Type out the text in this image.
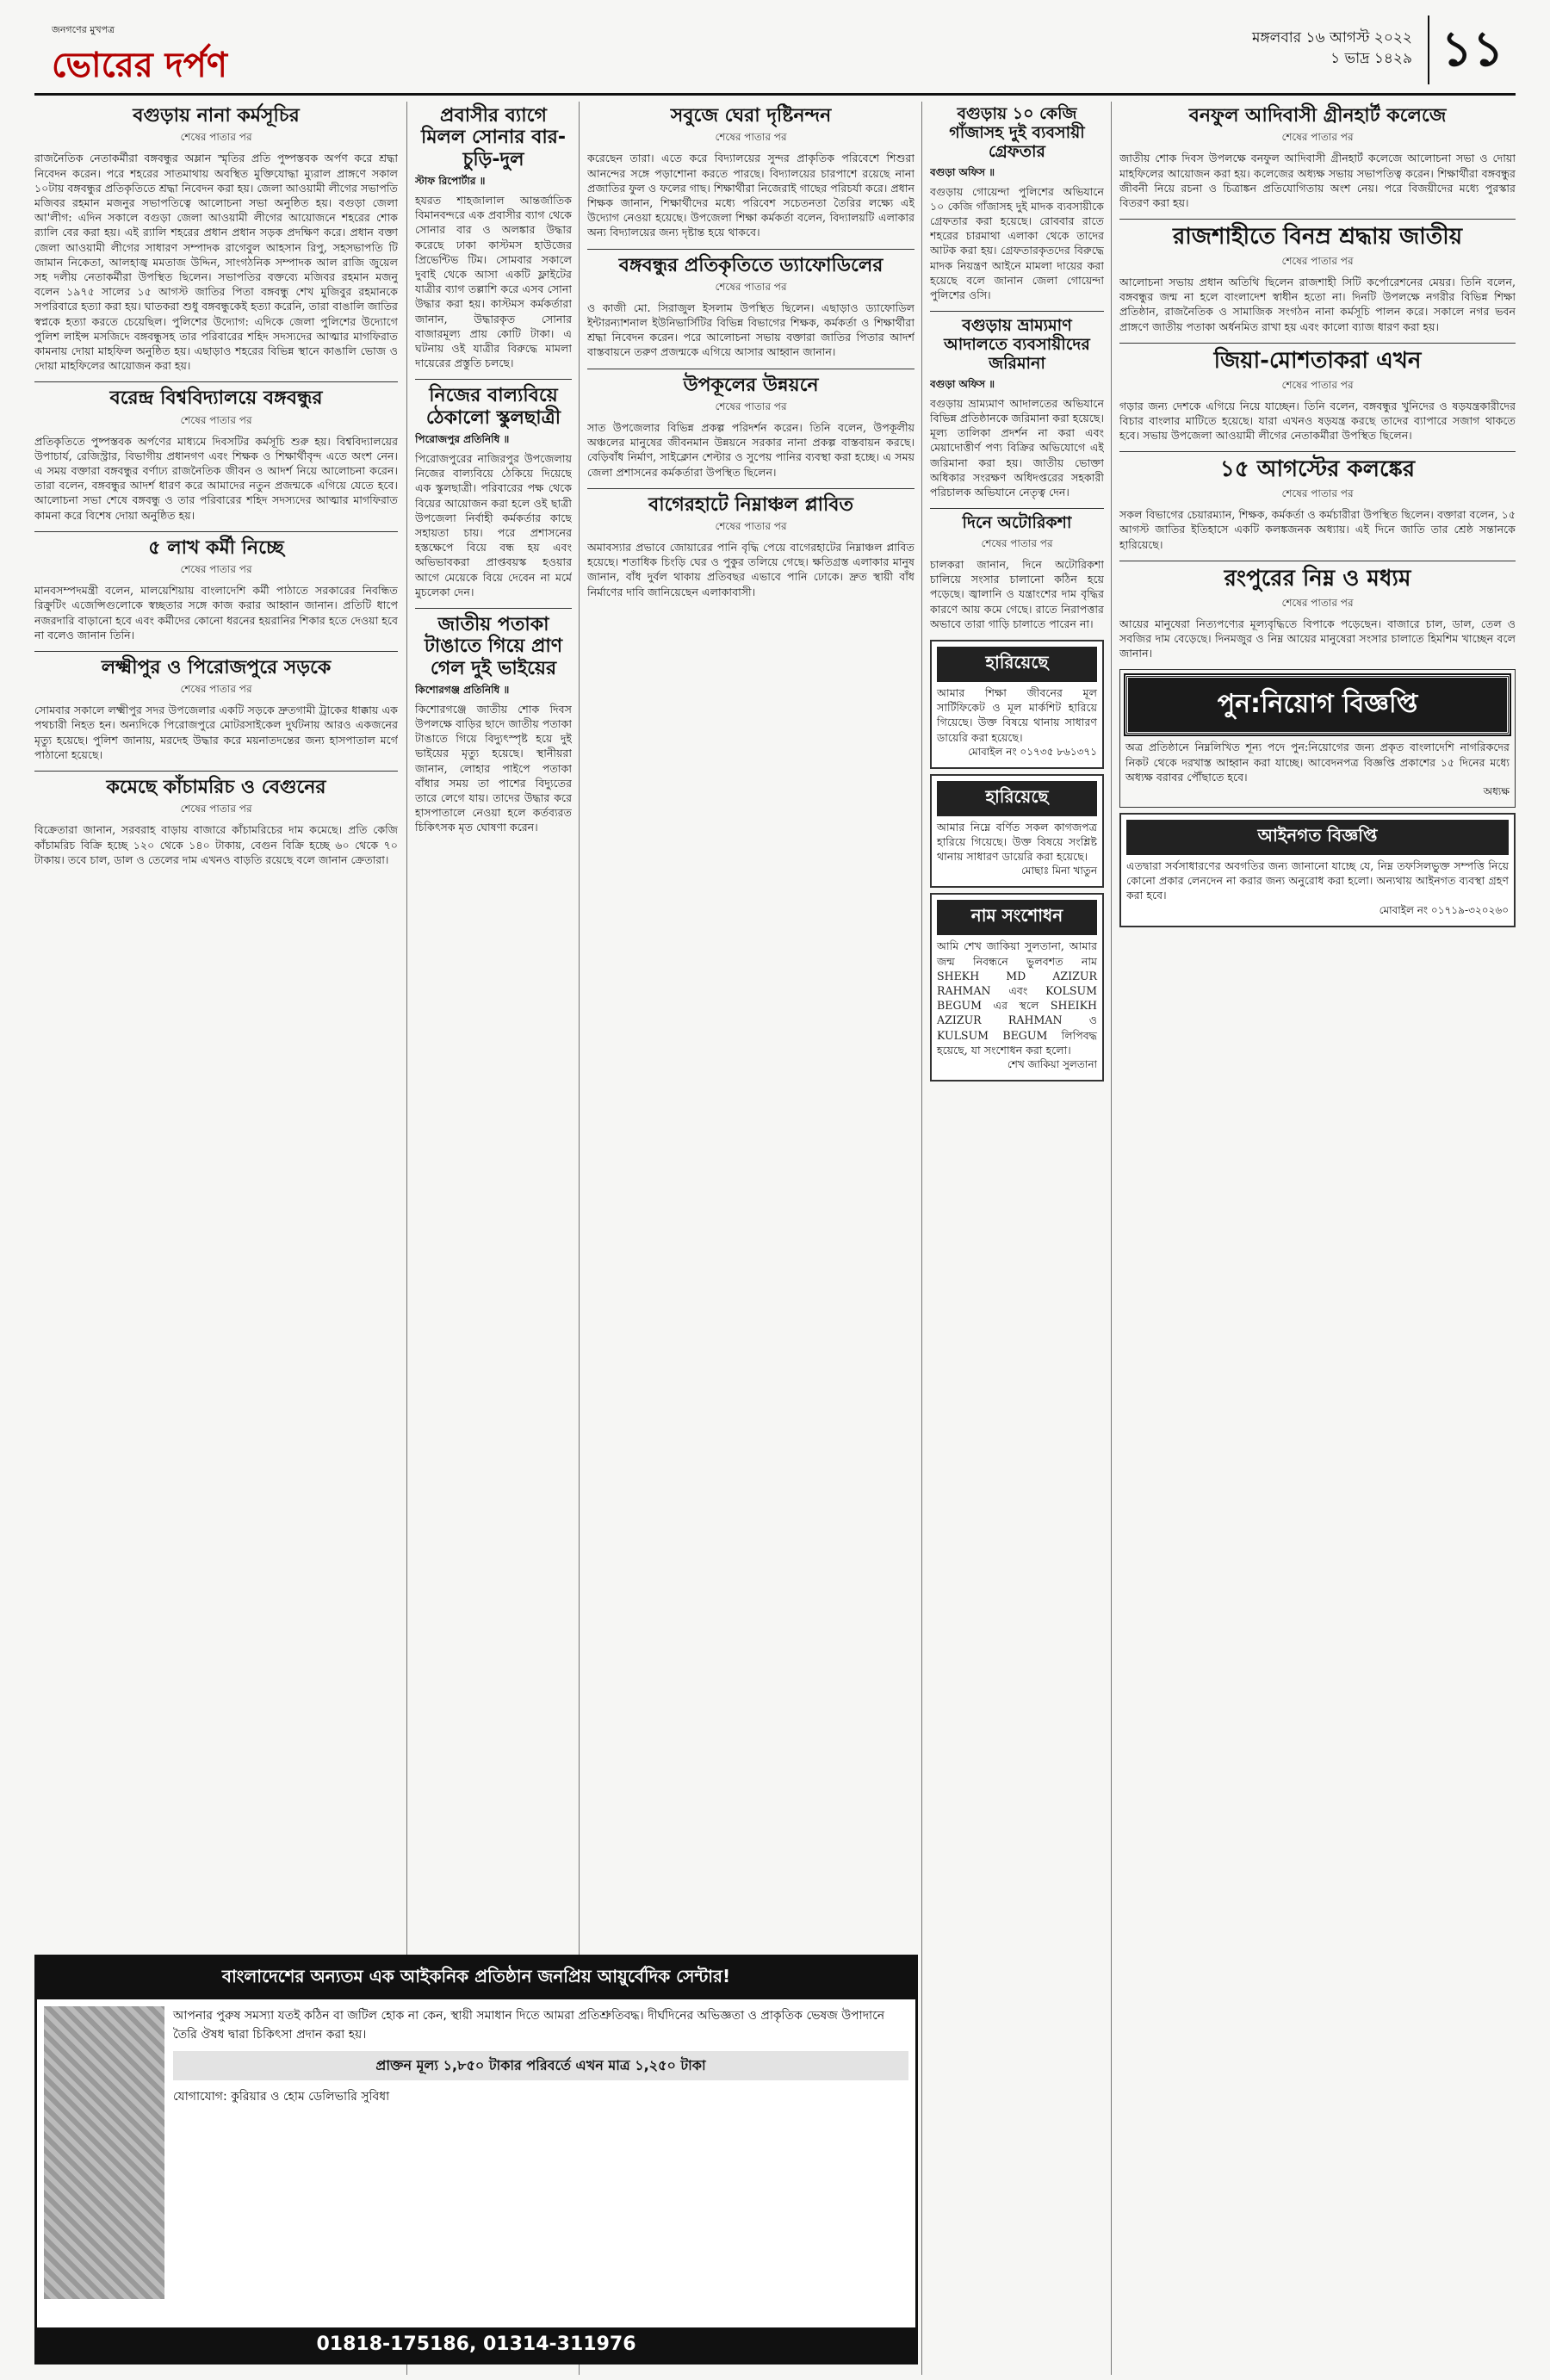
জনগণের মুখপত্র
ভোরের দর্পণ
মঙ্গলবার ১৬ আগস্ট ২০২২
১ ভাদ্র ১৪২৯ ১১
বগুড়ায় নানা কর্মসূচির
শেষের পাতার পর
রাজনৈতিক নেতাকর্মীরা বঙ্গবন্ধুর অম্লান স্মৃতির প্রতি পুষ্পস্তবক অর্পণ করে শ্রদ্ধা নিবেদন করেন। পরে শহরের সাতমাথায় অবস্থিত মুক্তিযোদ্ধা ম্যুরাল প্রাঙ্গণে সকাল ১০টায় বঙ্গবন্ধুর প্রতিকৃতিতে শ্রদ্ধা নিবেদন করা হয়। জেলা আওয়ামী লীগের সভাপতি মজিবর রহমান মজনুর সভাপতিত্বে আলোচনা সভা অনুষ্ঠিত হয়। বগুড়া জেলা আ'লীগ: এদিন সকালে বগুড়া জেলা আওয়ামী লীগের আয়োজনে শহরের শোক র‌্যালি বের করা হয়। এই র‌্যালি শহরের প্রধান প্রধান সড়ক প্রদক্ষিণ করে। প্রধান বক্তা জেলা আওয়ামী লীগের সাধারণ সম্পাদক রাগেবুল আহসান রিপু, সহসভাপতি টি জামান নিকেতা, আলহাজ্ব মমতাজ উদ্দিন, সাংগঠনিক সম্পাদক আল রাজি জুয়েল সহ দলীয় নেতাকর্মীরা উপস্থিত ছিলেন। সভাপতির বক্তব্যে মজিবর রহমান মজনু বলেন ১৯৭৫ সালের ১৫ আগস্ট জাতির পিতা বঙ্গবন্ধু শেখ মুজিবুর রহমানকে সপরিবারে হত্যা করা হয়। ঘাতকরা শুধু বঙ্গবন্ধুকেই হত্যা করেনি, তারা বাঙালি জাতির স্বপ্নকে হত্যা করতে চেয়েছিল। পুলিশের উদ্যোগ: এদিকে জেলা পুলিশের উদ্যোগে পুলিশ লাইন্স মসজিদে বঙ্গবন্ধুসহ তার পরিবারের শহিদ সদস্যদের আত্মার মাগফিরাত কামনায় দোয়া মাহফিল অনুষ্ঠিত হয়। এছাড়াও শহরের বিভিন্ন স্থানে কাঙালি ভোজ ও দোয়া মাহফিলের আয়োজন করা হয়।
বরেন্দ্র বিশ্ববিদ্যালয়ে বঙ্গবন্ধুর
শেষের পাতার পর
প্রতিকৃতিতে পুষ্পস্তবক অর্পণের মাধ্যমে দিবসটির কর্মসূচি শুরু হয়। বিশ্ববিদ্যালয়ের উপাচার্য, রেজিস্ট্রার, বিভাগীয় প্রধানগণ এবং শিক্ষক ও শিক্ষার্থীবৃন্দ এতে অংশ নেন। এ সময় বক্তারা বঙ্গবন্ধুর বর্ণাঢ্য রাজনৈতিক জীবন ও আদর্শ নিয়ে আলোচনা করেন। তারা বলেন, বঙ্গবন্ধুর আদর্শ ধারণ করে আমাদের নতুন প্রজন্মকে এগিয়ে যেতে হবে। আলোচনা সভা শেষে বঙ্গবন্ধু ও তার পরিবারের শহিদ সদস্যদের আত্মার মাগফিরাত কামনা করে বিশেষ দোয়া অনুষ্ঠিত হয়।
৫ লাখ কর্মী নিচ্ছে
শেষের পাতার পর
মানবসম্পদমন্ত্রী বলেন, মালয়েশিয়ায় বাংলাদেশি কর্মী পাঠাতে সরকারের নিবন্ধিত রিক্রুটিং এজেন্সিগুলোকে স্বচ্ছতার সঙ্গে কাজ করার আহ্বান জানান। প্রতিটি ধাপে নজরদারি বাড়ানো হবে এবং কর্মীদের কোনো ধরনের হয়রানির শিকার হতে দেওয়া হবে না বলেও জানান তিনি।
লক্ষ্মীপুর ও পিরোজপুরে সড়কে
শেষের পাতার পর
সোমবার সকালে লক্ষ্মীপুর সদর উপজেলার একটি সড়কে দ্রুতগামী ট্রাকের ধাক্কায় এক পথচারী নিহত হন। অন্যদিকে পিরোজপুরে মোটরসাইকেল দুর্ঘটনায় আরও একজনের মৃত্যু হয়েছে। পুলিশ জানায়, মরদেহ উদ্ধার করে ময়নাতদন্তের জন্য হাসপাতাল মর্গে পাঠানো হয়েছে।
কমেছে কাঁচামরিচ ও বেগুনের
শেষের পাতার পর
বিক্রেতারা জানান, সরবরাহ বাড়ায় বাজারে কাঁচামরিচের দাম কমেছে। প্রতি কেজি কাঁচামরিচ বিক্রি হচ্ছে ১২০ থেকে ১৪০ টাকায়, বেগুন বিক্রি হচ্ছে ৬০ থেকে ৭০ টাকায়। তবে চাল, ডাল ও তেলের দাম এখনও বাড়তি রয়েছে বলে জানান ক্রেতারা।
প্রবাসীর ব্যাগে মিলল সোনার বার-চুড়ি-দুল
স্টাফ রিপোর্টার ॥
হযরত শাহজালাল আন্তর্জাতিক বিমানবন্দরে এক প্রবাসীর ব্যাগ থেকে সোনার বার ও অলঙ্কার উদ্ধার করেছে ঢাকা কাস্টমস হাউজের প্রিভেন্টিভ টিম। সোমবার সকালে দুবাই থেকে আসা একটি ফ্লাইটের যাত্রীর ব্যাগ তল্লাশি করে এসব সোনা উদ্ধার করা হয়। কাস্টমস কর্মকর্তারা জানান, উদ্ধারকৃত সোনার বাজারমূল্য প্রায় কোটি টাকা। এ ঘটনায় ওই যাত্রীর বিরুদ্ধে মামলা দায়েরের প্রস্তুতি চলছে।
নিজের বাল্যবিয়ে ঠেকালো স্কুলছাত্রী
পিরোজপুর প্রতিনিধি ॥
পিরোজপুরের নাজিরপুর উপজেলায় নিজের বাল্যবিয়ে ঠেকিয়ে দিয়েছে এক স্কুলছাত্রী। পরিবারের পক্ষ থেকে বিয়ের আয়োজন করা হলে ওই ছাত্রী উপজেলা নির্বাহী কর্মকর্তার কাছে সহায়তা চায়। পরে প্রশাসনের হস্তক্ষেপে বিয়ে বন্ধ হয় এবং অভিভাবকরা প্রাপ্তবয়স্ক হওয়ার আগে মেয়েকে বিয়ে দেবেন না মর্মে মুচলেকা দেন।
জাতীয় পতাকা টাঙাতে গিয়ে প্রাণ গেল দুই ভাইয়ের
কিশোরগঞ্জ প্রতিনিধি ॥
কিশোরগঞ্জে জাতীয় শোক দিবস উপলক্ষে বাড়ির ছাদে জাতীয় পতাকা টাঙাতে গিয়ে বিদ্যুৎস্পৃষ্ট হয়ে দুই ভাইয়ের মৃত্যু হয়েছে। স্থানীয়রা জানান, লোহার পাইপে পতাকা বাঁধার সময় তা পাশের বিদ্যুতের তারে লেগে যায়। তাদের উদ্ধার করে হাসপাতালে নেওয়া হলে কর্তব্যরত চিকিৎসক মৃত ঘোষণা করেন।
সবুজে ঘেরা দৃষ্টিনন্দন
শেষের পাতার পর
করেছেন তারা। এতে করে বিদ্যালয়ের সুন্দর প্রাকৃতিক পরিবেশে শিশুরা আনন্দের সঙ্গে পড়াশোনা করতে পারছে। বিদ্যালয়ের চারপাশে রয়েছে নানা প্রজাতির ফুল ও ফলের গাছ। শিক্ষার্থীরা নিজেরাই গাছের পরিচর্যা করে। প্রধান শিক্ষক জানান, শিক্ষার্থীদের মধ্যে পরিবেশ সচেতনতা তৈরির লক্ষ্যে এই উদ্যোগ নেওয়া হয়েছে। উপজেলা শিক্ষা কর্মকর্তা বলেন, বিদ্যালয়টি এলাকার অন্য বিদ্যালয়ের জন্য দৃষ্টান্ত হয়ে থাকবে।
বঙ্গবন্ধুর প্রতিকৃতিতে ড্যাফোডিলের
শেষের পাতার পর
ও কাজী মো. সিরাজুল ইসলাম উপস্থিত ছিলেন। এছাড়াও ড্যাফোডিল ইন্টারন্যাশনাল ইউনিভার্সিটির বিভিন্ন বিভাগের শিক্ষক, কর্মকর্তা ও শিক্ষার্থীরা শ্রদ্ধা নিবেদন করেন। পরে আলোচনা সভায় বক্তারা জাতির পিতার আদর্শ বাস্তবায়নে তরুণ প্রজন্মকে এগিয়ে আসার আহ্বান জানান।
উপকূলের উন্নয়নে
শেষের পাতার পর
সাত উপজেলার বিভিন্ন প্রকল্প পরিদর্শন করেন। তিনি বলেন, উপকূলীয় অঞ্চলের মানুষের জীবনমান উন্নয়নে সরকার নানা প্রকল্প বাস্তবায়ন করছে। বেড়িবাঁধ নির্মাণ, সাইক্লোন শেল্টার ও সুপেয় পানির ব্যবস্থা করা হচ্ছে। এ সময় জেলা প্রশাসনের কর্মকর্তারা উপস্থিত ছিলেন।
বাগেরহাটে নিম্নাঞ্চল প্লাবিত
শেষের পাতার পর
অমাবস্যার প্রভাবে জোয়ারের পানি বৃদ্ধি পেয়ে বাগেরহাটের নিম্নাঞ্চল প্লাবিত হয়েছে। শতাধিক চিংড়ি ঘের ও পুকুর তলিয়ে গেছে। ক্ষতিগ্রস্ত এলাকার মানুষ জানান, বাঁধ দুর্বল থাকায় প্রতিবছর এভাবে পানি ঢোকে। দ্রুত স্থায়ী বাঁধ নির্মাণের দাবি জানিয়েছেন এলাকাবাসী।
বগুড়ায় ১০ কেজি গাঁজাসহ দুই ব্যবসায়ী গ্রেফতার
বগুড়া অফিস ॥
বগুড়ায় গোয়েন্দা পুলিশের অভিযানে ১০ কেজি গাঁজাসহ দুই মাদক ব্যবসায়ীকে গ্রেফতার করা হয়েছে। রোববার রাতে শহরের চারমাথা এলাকা থেকে তাদের আটক করা হয়। গ্রেফতারকৃতদের বিরুদ্ধে মাদক নিয়ন্ত্রণ আইনে মামলা দায়ের করা হয়েছে বলে জানান জেলা গোয়েন্দা পুলিশের ওসি।
বগুড়ায় ভ্রাম্যমাণ আদালতে ব্যবসায়ীদের জরিমানা
বগুড়া অফিস ॥
বগুড়ায় ভ্রাম্যমাণ আদালতের অভিযানে বিভিন্ন প্রতিষ্ঠানকে জরিমানা করা হয়েছে। মূল্য তালিকা প্রদর্শন না করা এবং মেয়াদোত্তীর্ণ পণ্য বিক্রির অভিযোগে এই জরিমানা করা হয়। জাতীয় ভোক্তা অধিকার সংরক্ষণ অধিদপ্তরের সহকারী পরিচালক অভিযানে নেতৃত্ব দেন।
দিনে অটোরিকশা
শেষের পাতার পর
চালকরা জানান, দিনে অটোরিকশা চালিয়ে সংসার চালানো কঠিন হয়ে পড়েছে। জ্বালানি ও যন্ত্রাংশের দাম বৃদ্ধির কারণে আয় কমে গেছে। রাতে নিরাপত্তার অভাবে তারা গাড়ি চালাতে পারেন না।
হারিয়েছে
আমার শিক্ষা জীবনের মূল সার্টিফিকেট ও মূল মার্কশিট হারিয়ে গিয়েছে। উক্ত বিষয়ে থানায় সাধারণ ডায়েরি করা হয়েছে।
মোবাইল নং ০১৭৩৫ ৮৬১৩৭১
হারিয়েছে
আমার নিম্নে বর্ণিত সকল কাগজপত্র হারিয়ে গিয়েছে। উক্ত বিষয়ে সংশ্লিষ্ট থানায় সাধারণ ডায়েরি করা হয়েছে।
মোছাঃ মিনা খাতুন
নাম সংশোধন
আমি শেখ জাকিয়া সুলতানা, আমার জন্ম নিবন্ধনে ভুলবশত নাম SHEKH MD AZIZUR RAHMAN এবং KOLSUM BEGUM এর স্থলে SHEIKH AZIZUR RAHMAN ও KULSUM BEGUM লিপিবদ্ধ হয়েছে, যা সংশোধন করা হলো।
শেখ জাকিয়া সুলতানা
বনফুল আদিবাসী গ্রীনহার্ট কলেজে
শেষের পাতার পর
জাতীয় শোক দিবস উপলক্ষে বনফুল আদিবাসী গ্রীনহার্ট কলেজে আলোচনা সভা ও দোয়া মাহফিলের আয়োজন করা হয়। কলেজের অধ্যক্ষ সভায় সভাপতিত্ব করেন। শিক্ষার্থীরা বঙ্গবন্ধুর জীবনী নিয়ে রচনা ও চিত্রাঙ্কন প্রতিযোগিতায় অংশ নেয়। পরে বিজয়ীদের মধ্যে পুরস্কার বিতরণ করা হয়।
রাজশাহীতে বিনম্র শ্রদ্ধায় জাতীয়
শেষের পাতার পর
আলোচনা সভায় প্রধান অতিথি ছিলেন রাজশাহী সিটি কর্পোরেশনের মেয়র। তিনি বলেন, বঙ্গবন্ধুর জন্ম না হলে বাংলাদেশ স্বাধীন হতো না। দিনটি উপলক্ষে নগরীর বিভিন্ন শিক্ষা প্রতিষ্ঠান, রাজনৈতিক ও সামাজিক সংগঠন নানা কর্মসূচি পালন করে। সকালে নগর ভবন প্রাঙ্গণে জাতীয় পতাকা অর্ধনমিত রাখা হয় এবং কালো ব্যাজ ধারণ করা হয়।
জিয়া-মোশতাকরা এখন
শেষের পাতার পর
গড়ার জন্য দেশকে এগিয়ে নিয়ে যাচ্ছেন। তিনি বলেন, বঙ্গবন্ধুর খুনিদের ও ষড়যন্ত্রকারীদের বিচার বাংলার মাটিতে হয়েছে। যারা এখনও ষড়যন্ত্র করছে তাদের ব্যাপারে সজাগ থাকতে হবে। সভায় উপজেলা আওয়ামী লীগের নেতাকর্মীরা উপস্থিত ছিলেন।
১৫ আগস্টের কলঙ্কের
শেষের পাতার পর
সকল বিভাগের চেয়ারম্যান, শিক্ষক, কর্মকর্তা ও কর্মচারীরা উপস্থিত ছিলেন। বক্তারা বলেন, ১৫ আগস্ট জাতির ইতিহাসে একটি কলঙ্কজনক অধ্যায়। এই দিনে জাতি তার শ্রেষ্ঠ সন্তানকে হারিয়েছে।
রংপুরের নিম্ন ও মধ্যম
শেষের পাতার পর
আয়ের মানুষেরা নিত্যপণ্যের মূল্যবৃদ্ধিতে বিপাকে পড়েছেন। বাজারে চাল, ডাল, তেল ও সবজির দাম বেড়েছে। দিনমজুর ও নিম্ন আয়ের মানুষেরা সংসার চালাতে হিমশিম খাচ্ছেন বলে জানান।
পুন:নিয়োগ বিজ্ঞপ্তি
অত্র প্রতিষ্ঠানে নিম্নলিখিত শূন্য পদে পুন:নিয়োগের জন্য প্রকৃত বাংলাদেশি নাগরিকদের নিকট থেকে দরখাস্ত আহ্বান করা যাচ্ছে। আবেদনপত্র বিজ্ঞপ্তি প্রকাশের ১৫ দিনের মধ্যে অধ্যক্ষ বরাবর পৌঁছাতে হবে।
অধ্যক্ষ
আইনগত বিজ্ঞপ্তি
এতদ্বারা সর্বসাধারণের অবগতির জন্য জানানো যাচ্ছে যে, নিম্ন তফসিলভুক্ত সম্পত্তি নিয়ে কোনো প্রকার লেনদেন না করার জন্য অনুরোধ করা হলো। অন্যথায় আইনগত ব্যবস্থা গ্রহণ করা হবে।
মোবাইল নং ০১৭১৯-৩২০২৬০
বাংলাদেশের অন্যতম এক আইকনিক প্রতিষ্ঠান জনপ্রিয় আয়ুর্বেদিক সেন্টার!
আপনার পুরুষ সমস্যা যতই কঠিন বা জটিল হোক না কেন, স্থায়ী সমাধান দিতে আমরা প্রতিশ্রুতিবদ্ধ। দীর্ঘদিনের অভিজ্ঞতা ও প্রাকৃতিক ভেষজ উপাদানে তৈরি ঔষধ দ্বারা চিকিৎসা প্রদান করা হয়।
প্রাক্তন মূল্য ১,৮৫০ টাকার পরিবর্তে এখন মাত্র ১,২৫০ টাকা
যোগাযোগ: কুরিয়ার ও হোম ডেলিভারি সুবিধা
01818-175186, 01314-311976
